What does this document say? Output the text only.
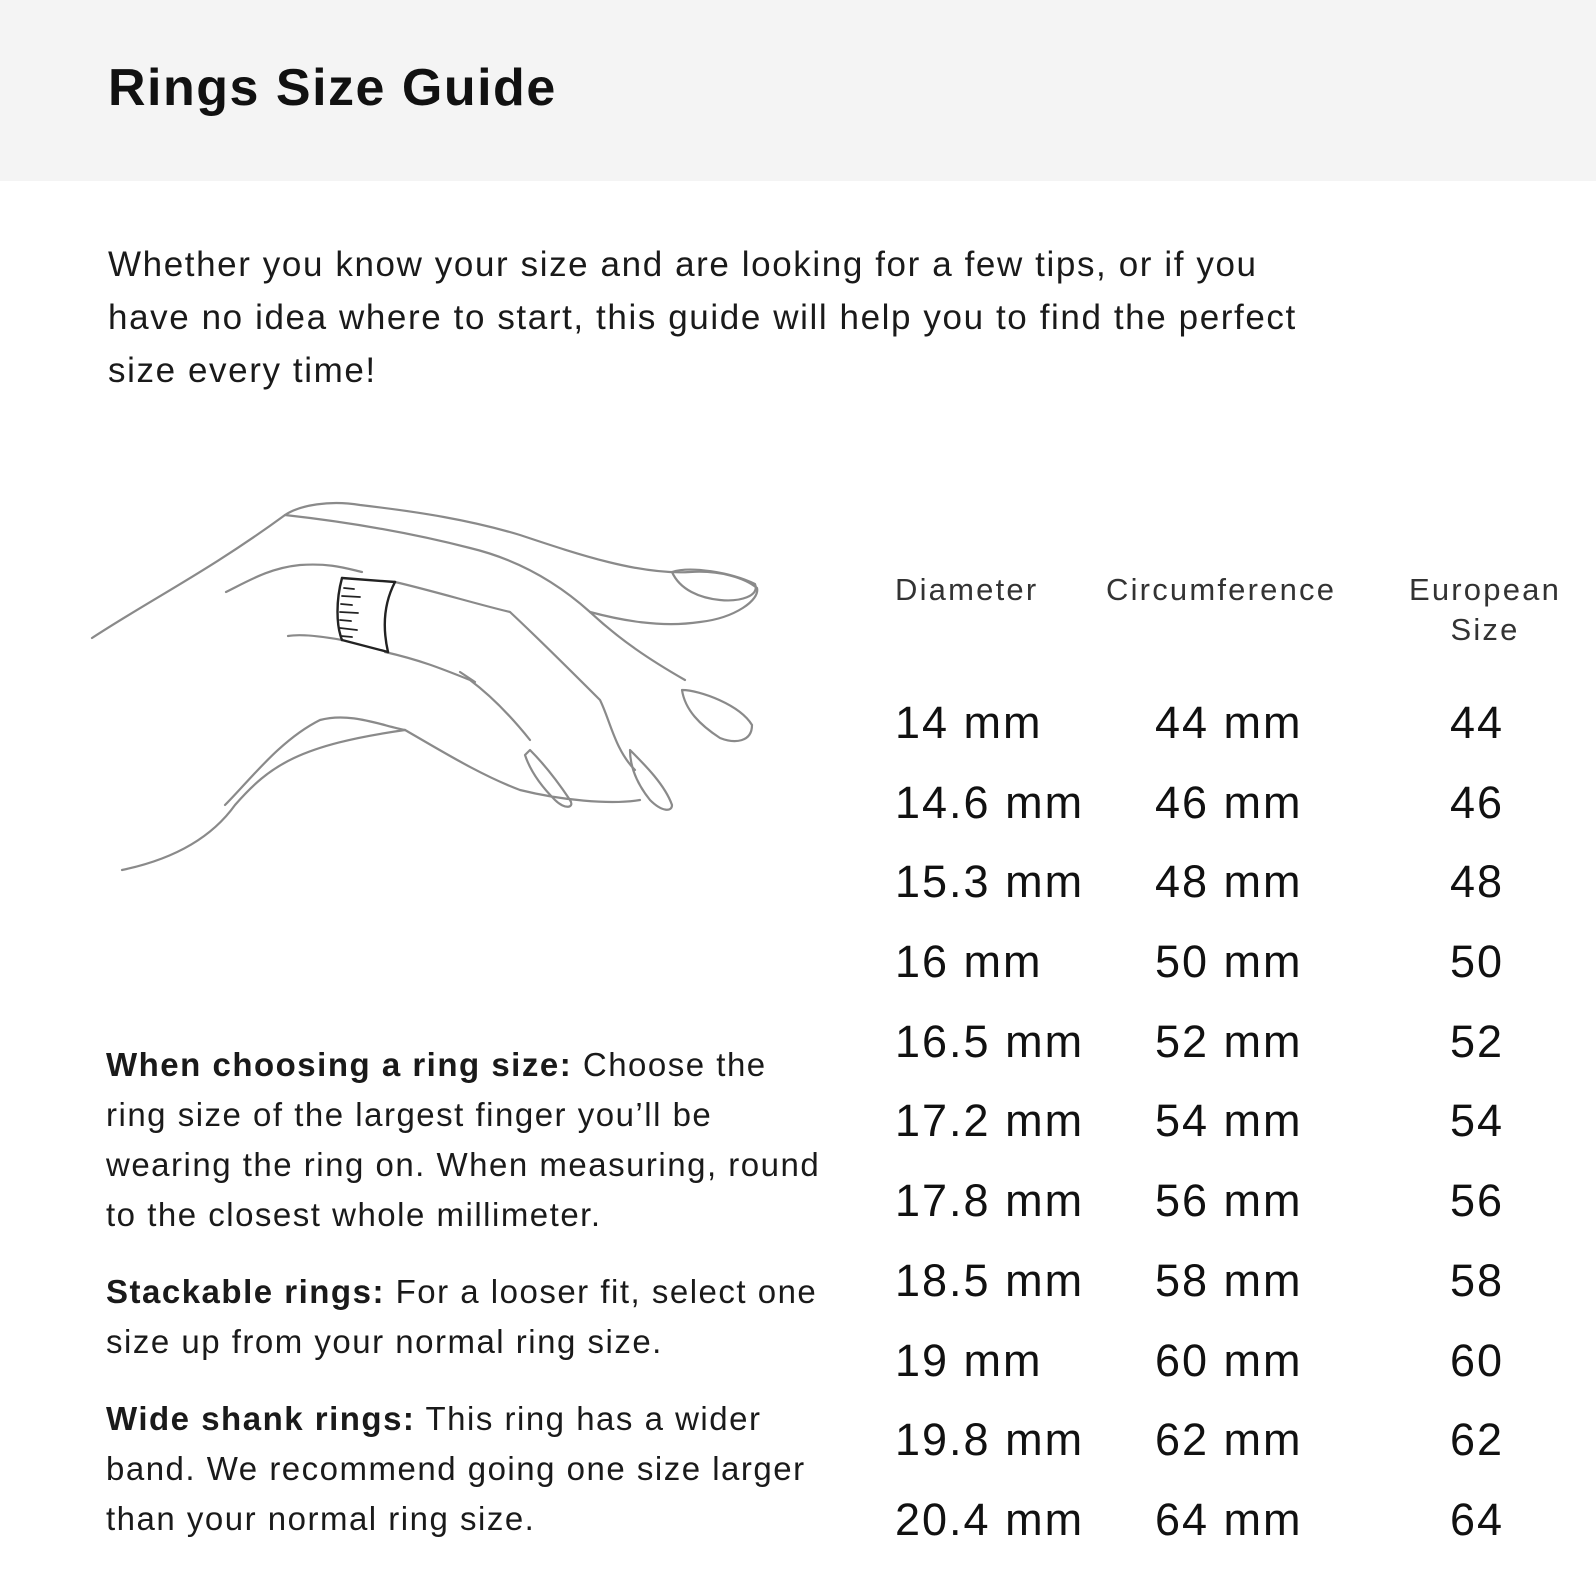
Rings Size Guide

Whether you know your size and are looking for a few tips, or if you have no idea where to start, this guide will help you to find the perfect size every time!

When choosing a ring size: Choose the ring size of the largest finger you’ll be wearing the ring on. When measuring, round to the closest whole millimeter.

Stackable rings: For a looser fit, select one size up from your normal ring size.

Wide shank rings: This ring has a wider band. We recommend going one size larger than your normal ring size.

Diameter Circumference	European
Size
14 mm 44 mm	44
14.6 mm 46 mm	46
15.3 mm 48 mm	48
16 mm 50 mm	50
16.5 mm 52 mm	52
17.2 mm 54 mm	54
17.8 mm 56 mm	56
18.5 mm 58 mm	58
19 mm 60 mm	60
19.8 mm 62 mm	62
20.4 mm 64 mm	64
